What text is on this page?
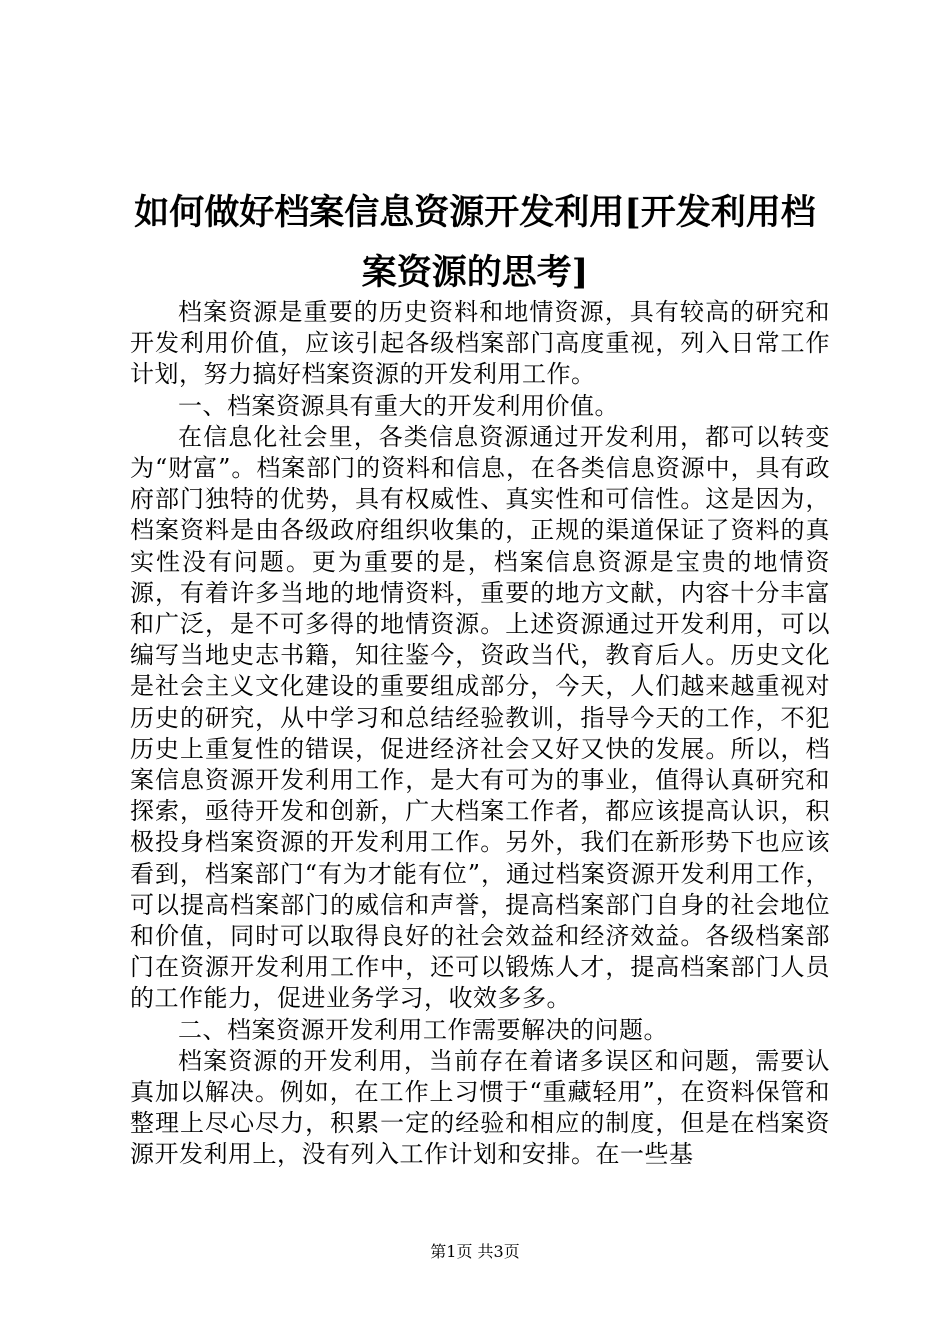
如何做好档案信息资源开发利用[开发利用档
案资源的思考]

档案资源是重要的历史资料和地情资源，具有较高的研究和开发利用价值，应该引起各级档案部门高度重视，列入日常工作计划，努力搞好档案资源的开发利用工作。

一、档案资源具有重大的开发利用价值。

在信息化社会里，各类信息资源通过开发利用，都可以转变为“财富”。档案部门的资料和信息，在各类信息资源中，具有政府部门独特的优势，具有权威性、真实性和可信性。这是因为，档案资料是由各级政府组织收集的，正规的渠道保证了资料的真实性没有问题。更为重要的是，档案信息资源是宝贵的地情资源，有着许多当地的地情资料，重要的地方文献，内容十分丰富和广泛，是不可多得的地情资源。上述资源通过开发利用，可以编写当地史志书籍，知往鉴今，资政当代，教育后人。历史文化是社会主义文化建设的重要组成部分，今天，人们越来越重视对历史的研究，从中学习和总结经验教训，指导今天的工作，不犯历史上重复性的错误，促进经济社会又好又快的发展。所以，档案信息资源开发利用工作，是大有可为的事业，值得认真研究和探索，亟待开发和创新，广大档案工作者，都应该提高认识，积极投身档案资源的开发利用工作。另外，我们在新形势下也应该看到，档案部门“有为才能有位”，通过档案资源开发利用工作，可以提高档案部门的威信和声誉，提高档案部门自身的社会地位和价值，同时可以取得良好的社会效益和经济效益。各级档案部门在资源开发利用工作中，还可以锻炼人才，提高档案部门人员的工作能力，促进业务学习，收效多多。

二、档案资源开发利用工作需要解决的问题。

档案资源的开发利用，当前存在着诸多误区和问题，需要认真加以解决。例如，在工作上习惯于“重藏轻用”，在资料保管和整理上尽心尽力，积累一定的经验和相应的制度，但是在档案资源开发利用上，没有列入工作计划和安排。在一些基

第1页 共3页
